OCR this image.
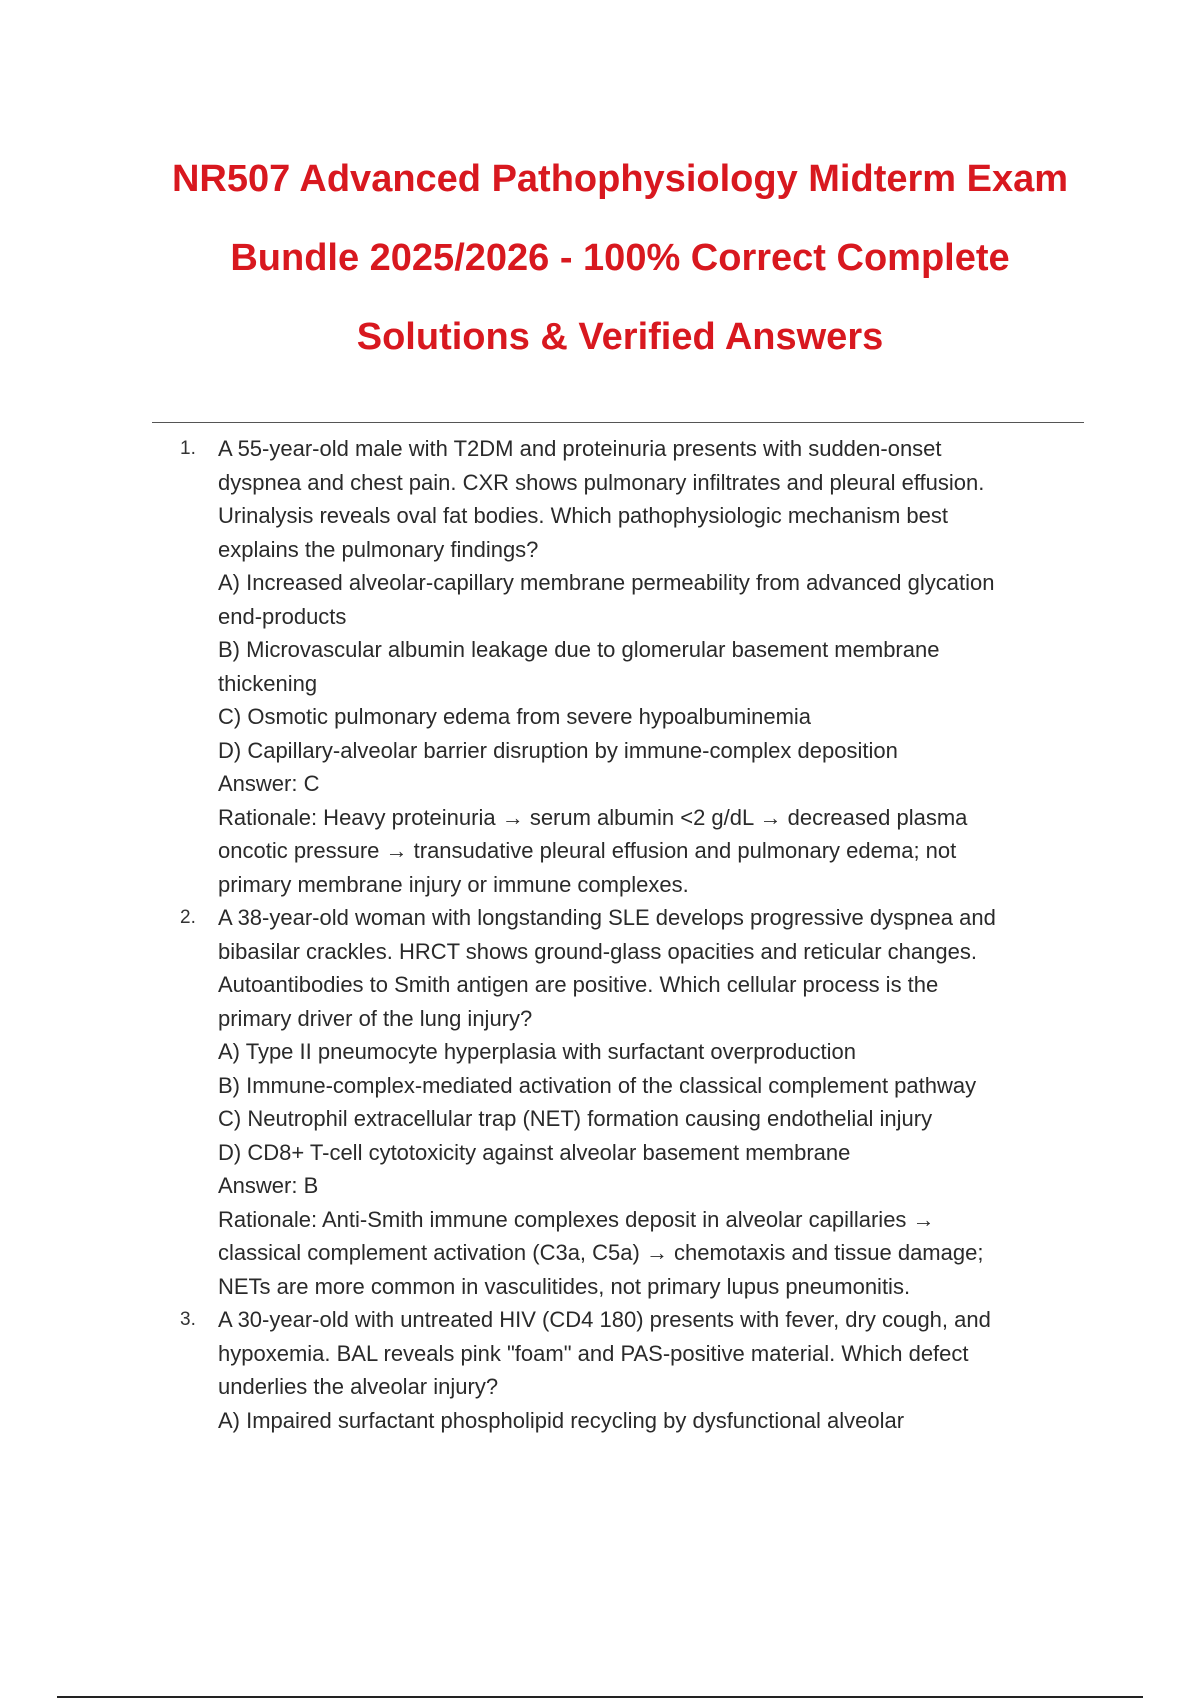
NR507 Advanced Pathophysiology Midterm Exam
Bundle 2025/2026 - 100% Correct Complete
Solutions & Verified Answers
1. A 55-year-old male with T2DM and proteinuria presents with sudden-onset
dyspnea and chest pain. CXR shows pulmonary infiltrates and pleural effusion.
Urinalysis reveals oval fat bodies. Which pathophysiologic mechanism best
explains the pulmonary findings?
A) Increased alveolar-capillary membrane permeability from advanced glycation
end-products
B) Microvascular albumin leakage due to glomerular basement membrane
thickening
C) Osmotic pulmonary edema from severe hypoalbuminemia
D) Capillary-alveolar barrier disruption by immune-complex deposition
Answer: C
Rationale: Heavy proteinuria → serum albumin <2 g/dL → decreased plasma
oncotic pressure → transudative pleural effusion and pulmonary edema; not
primary membrane injury or immune complexes.
2. A 38-year-old woman with longstanding SLE develops progressive dyspnea and
bibasilar crackles. HRCT shows ground-glass opacities and reticular changes.
Autoantibodies to Smith antigen are positive. Which cellular process is the
primary driver of the lung injury?
A) Type II pneumocyte hyperplasia with surfactant overproduction
B) Immune-complex-mediated activation of the classical complement pathway
C) Neutrophil extracellular trap (NET) formation causing endothelial injury
D) CD8+ T-cell cytotoxicity against alveolar basement membrane
Answer: B
Rationale: Anti-Smith immune complexes deposit in alveolar capillaries →
classical complement activation (C3a, C5a) → chemotaxis and tissue damage;
NETs are more common in vasculitides, not primary lupus pneumonitis.
3. A 30-year-old with untreated HIV (CD4 180) presents with fever, dry cough, and
hypoxemia. BAL reveals pink "foam" and PAS-positive material. Which defect
underlies the alveolar injury?
A) Impaired surfactant phospholipid recycling by dysfunctional alveolar
